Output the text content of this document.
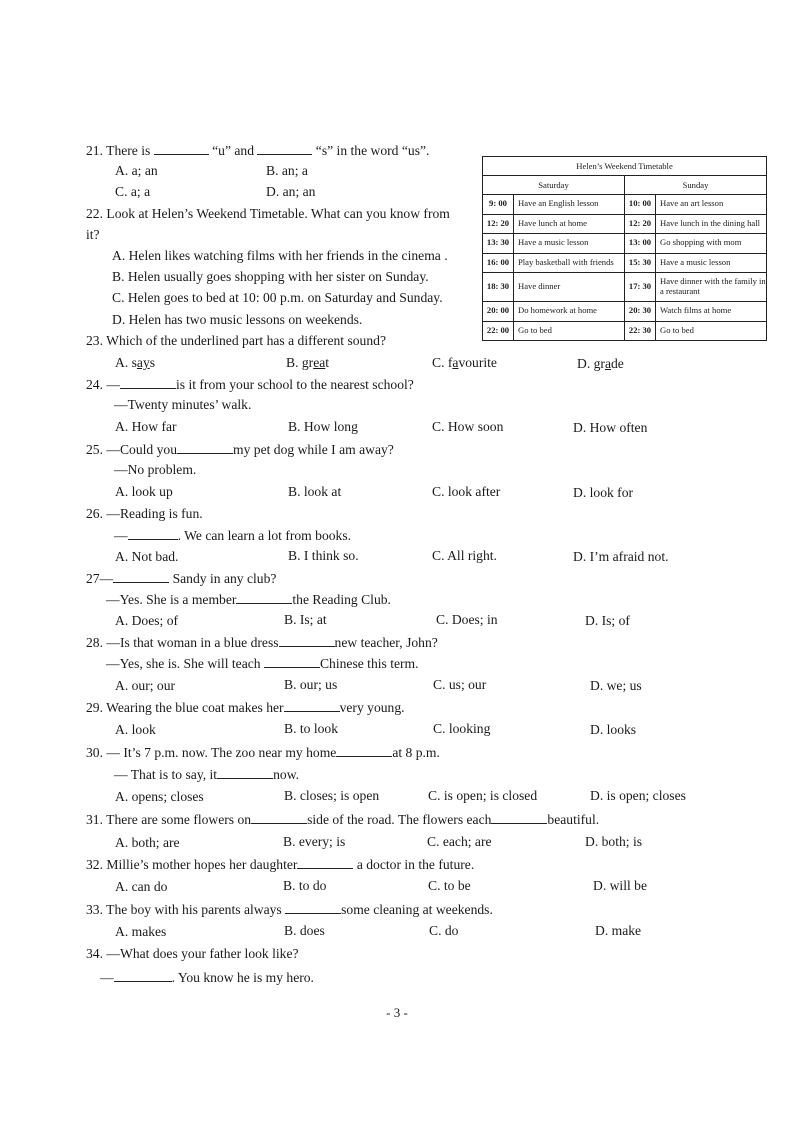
21. There is	“u” and	“s” in the word “us”.
A. a; an	B. an; a
C. a; a	D. an; an
22. Look at Helen’s Weekend Timetable. What can you know from
it?
A. Helen likes watching films with her friends in the cinema .
B. Helen usually goes shopping with her sister on Sunday.
C. Helen goes to bed at 10: 00 p.m. on Saturday and Sunday.
D. Helen has two music lessons on weekends.
Helen’s Weekend Timetable
Saturday	Sunday
9: 00	Have an English lesson	10: 00	Have an art lesson
12: 20	Have lunch at home	12: 20	Have lunch in the dining hall
13: 30	Have a music lesson	13: 00	Go shopping with mom
16: 00	Play basketball with friends	15: 30	Have a music lesson
18: 30	Have dinner	17: 30	Have dinner with the family in a restaurant
20: 00	Do homework at home	20: 30	Watch films at home
22: 00	Go to bed	22: 30	Go to bed
23. Which of the underlined part has a different sound?
A. says	B. great	C. favourite	D. grade
24. —	is it from your school to the nearest school?
—Twenty minutes’ walk.
A. How far	B. How long	C. How soon	D. How often
25. —Could you	my pet dog while I am away?
—No problem.
A. look up	B. look at	C. look after	D. look for
26. —Reading is fun.
—	. We can learn a lot from books.
A. Not bad.	B. I think so.	C. All right.	D. I’m afraid not.
27—	Sandy in any club?
—Yes. She is a member	the Reading Club.
A. Does; of	B. Is; at	C. Does; in	D. Is; of
28. —Is that woman in a blue dress	new teacher, John?
—Yes, she is. She will teach	Chinese this term.
A. our; our	B. our; us	C. us; our	D. we; us
29. Wearing the blue coat makes her	very young.
A. look	B. to look	C. looking	D. looks
30. — It’s 7 p.m. now. The zoo near my home	at 8 p.m.
— That is to say, it	now.
A. opens; closes	B. closes; is open	C. is open; is closed	D. is open; closes
31. There are some flowers on	side of the road. The flowers each	beautiful.
A. both; are	B. every; is	C. each; are	D. both; is
32. Millie’s mother hopes her daughter	a doctor in the future.
A. can do	B. to do	C. to be	D. will be
33. The boy with his parents always	some cleaning at weekends.
A. makes	B. does	C. do	D. make
34. —What does your father look like?
—	. You know he is my hero.
- 3 -
